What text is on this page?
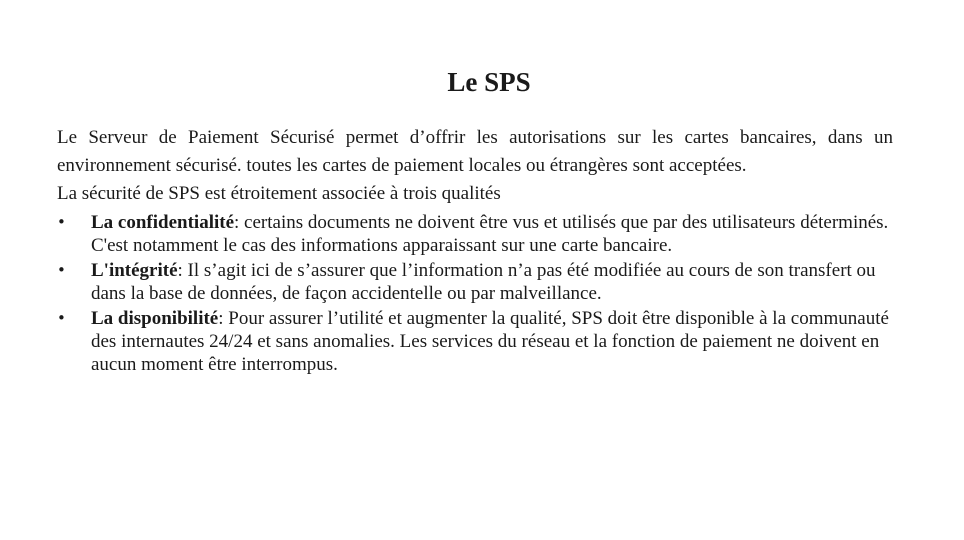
Le SPS

Le Serveur de Paiement Sécurisé permet d’offrir les autorisations sur les cartes bancaires, dans un environnement sécurisé. toutes les cartes de paiement locales ou étrangères sont acceptées.

La sécurité de SPS est étroitement associée à trois qualités

• La confidentialité: certains documents ne doivent être vus et utilisés que par des utilisateurs déterminés. C'est notamment le cas des informations apparaissant sur une carte bancaire.
• L'intégrité: Il s’agit ici de s’assurer que l’information n’a pas été modifiée au cours de son transfert ou dans la base de données, de façon accidentelle ou par malveillance.
• La disponibilité: Pour assurer l’utilité et augmenter la qualité, SPS doit être disponible à la communauté des internautes 24/24 et sans anomalies. Les services du réseau et la fonction de paiement ne doivent en aucun moment être interrompus.
